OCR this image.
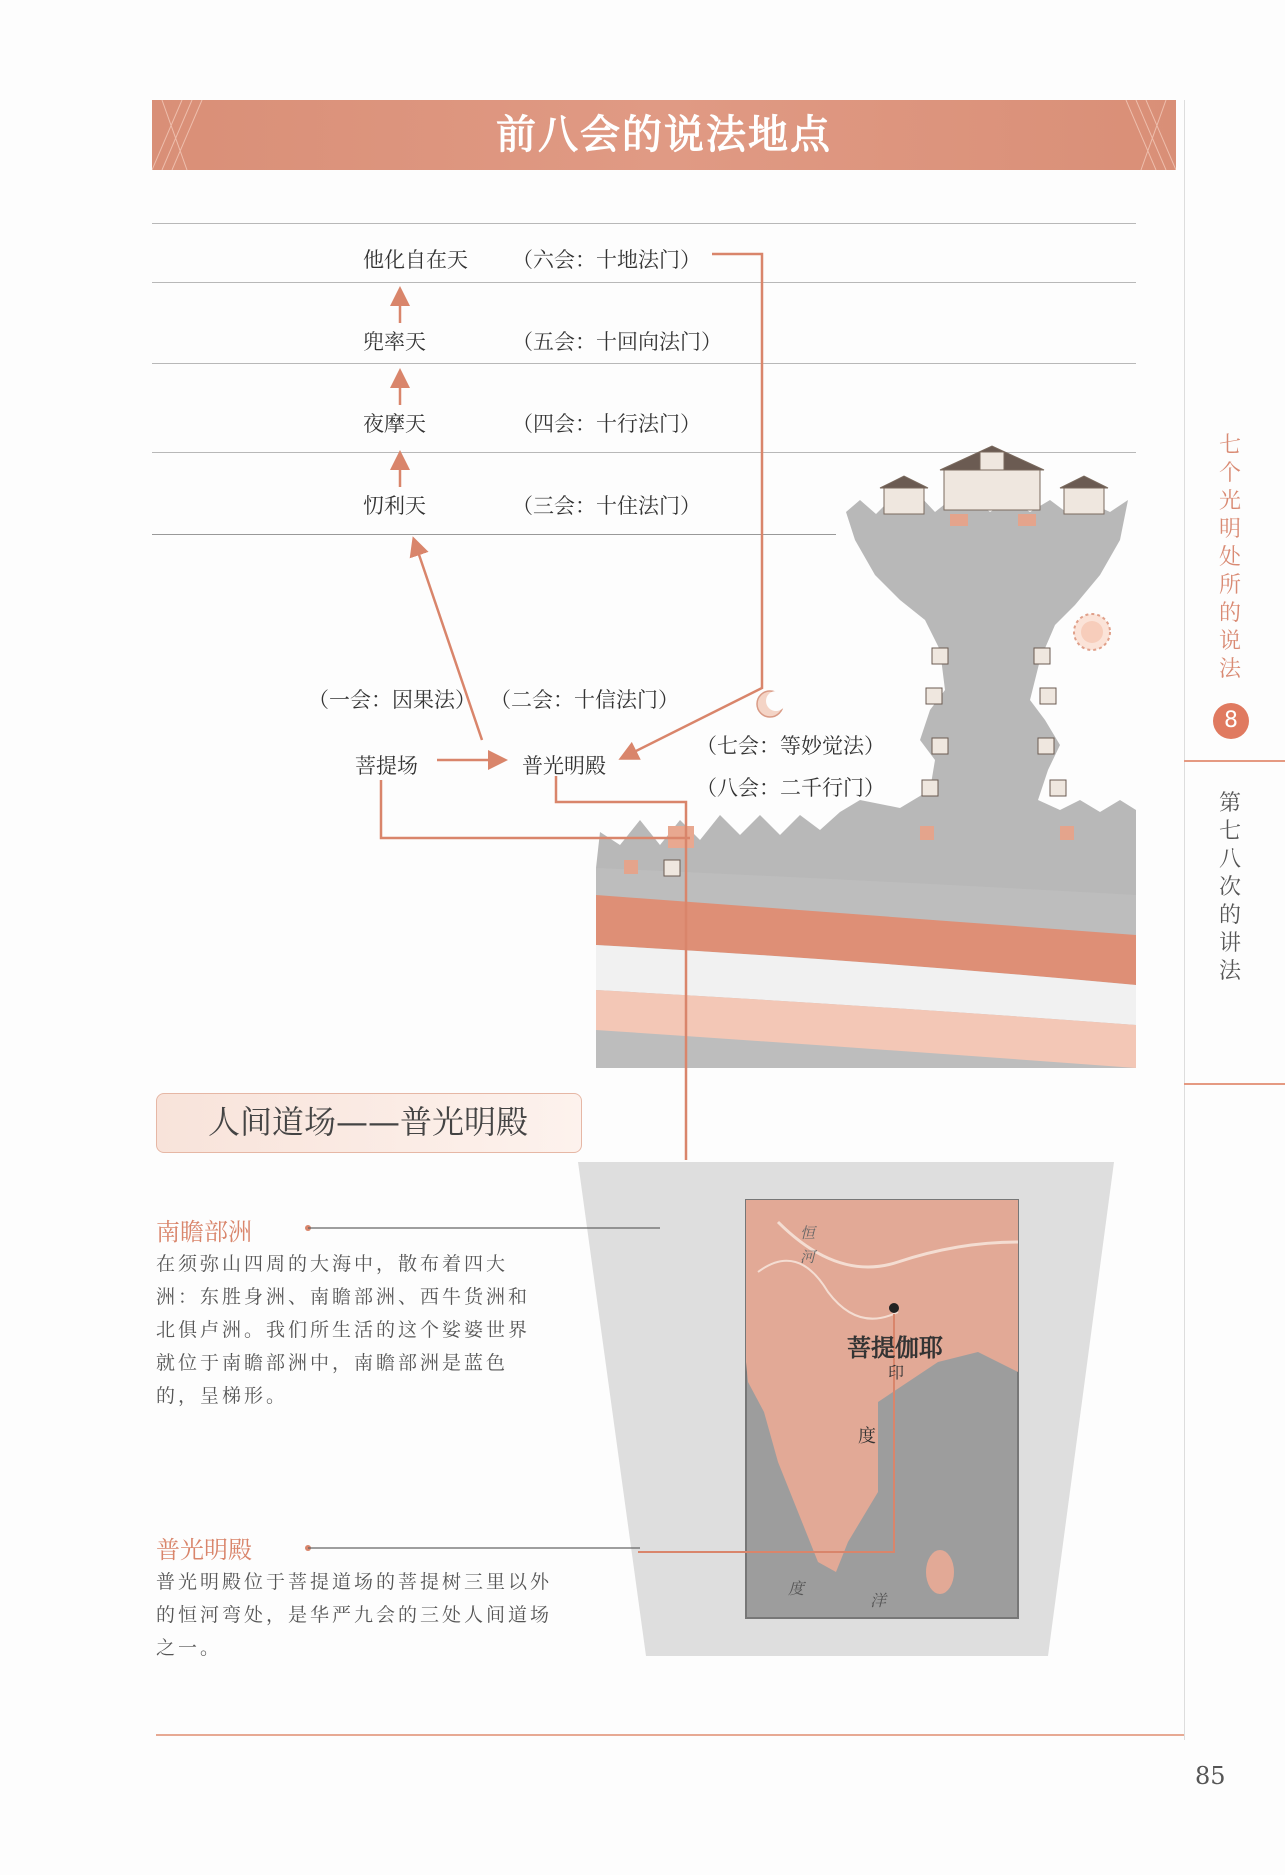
前八会的说法地点
他化自在天 （六会：十地法门）
兜率天	（五会：十回向法门）
夜摩天	（四会：十行法门）
忉利天	（三会：十住法门）
（一会：因果法） （二会：十信法门）
菩提场	普光明殿
（七会：等妙觉法）
（八会：二千行门）
七个光明处所的说法
8
第七八次的讲法
人间道场——普光明殿
菩提伽耶
印
度
恒
河
度
洋
南瞻部洲
在须弥山四周的大海中，散布着四大洲：东胜身洲、南瞻部洲、西牛货洲和北俱卢洲。我们所生活的这个娑婆世界就位于南瞻部洲中，南瞻部洲是蓝色的，呈梯形。
普光明殿
普光明殿位于菩提道场的菩提树三里以外的恒河弯处，是华严九会的三处人间道场之一。
85
